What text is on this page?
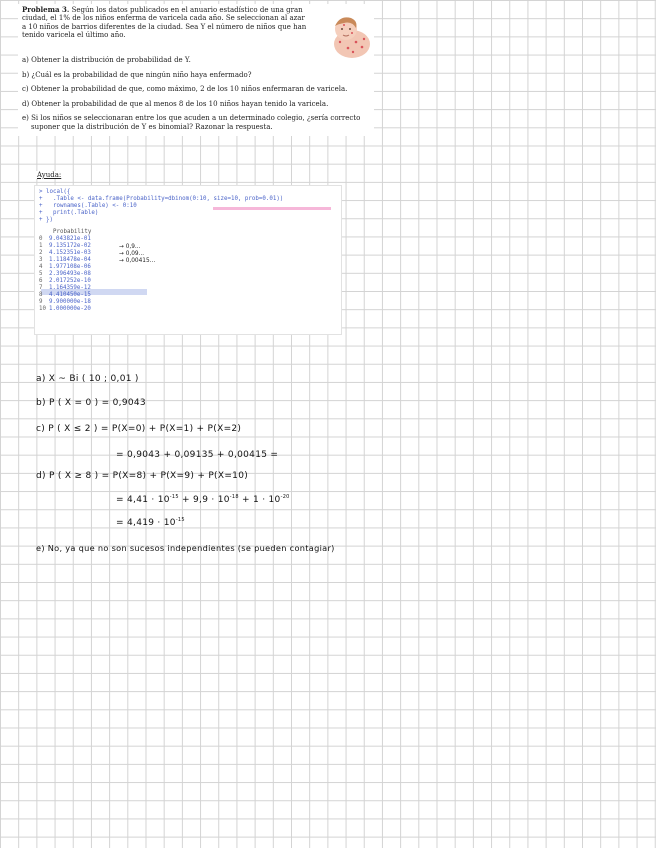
Problema 3. Según los datos publicados en el anuario estadístico de una gran
ciudad, el 1% de los niños enferma de varicela cada año. Se seleccionan al azar
a 10 niños de barrios diferentes de la ciudad. Sea Y el número de niños que han
tenido varicela el último año.
a) Obtener la distribución de probabilidad de Y.
b) ¿Cuál es la probabilidad de que ningún niño haya enfermado?
c) Obtener la probabilidad de que, como máximo, 2 de los 10 niños enfermaran de varicela.
d) Obtener la probabilidad de que al menos 8 de los 10 niños hayan tenido la varicela.
e) Si los niños se seleccionaran entre los que acuden a un determinado colegio, ¿sería correcto
suponer que la distribución de Y es binomial? Razonar la respuesta.
Ayuda:
> local({
+   .Table <- data.frame(Probability=dbinom(0:10, size=10, prob=0.01))
+   rownames(.Table) <- 0:10
+   print(.Table)
+ })
Probability
0 9.043821e-01
1 9.135172e-02
2 4.152351e-03
3 1.118478e-04
4 1.977108e-06
5 2.396493e-08
6 2.017252e-10
7 1.164359e-12
8 4.410450e-15
9 9.900000e-18
10 1.000000e-20
→ 0,9...
→ 0,09...
→ 0,00415...
a) X ~ Bi ( 10 ; 0,01 )
b) P ( X = 0 ) = 0,9043
c) P ( X ≤ 2 ) = P(X=0) + P(X=1) + P(X=2)
= 0,9043 + 0,09135 + 0,00415 =
d) P ( X ≥ 8 ) = P(X=8) + P(X=9) + P(X=10)
= $4,41 \cdot 10^{-15} + 9,9 \cdot 10^{-18} + 1 \cdot 10^{-20}$
= $4,419 \cdot 10^{-15}$
e) No, ya que no son sucesos independientes (se pueden contagiar)
